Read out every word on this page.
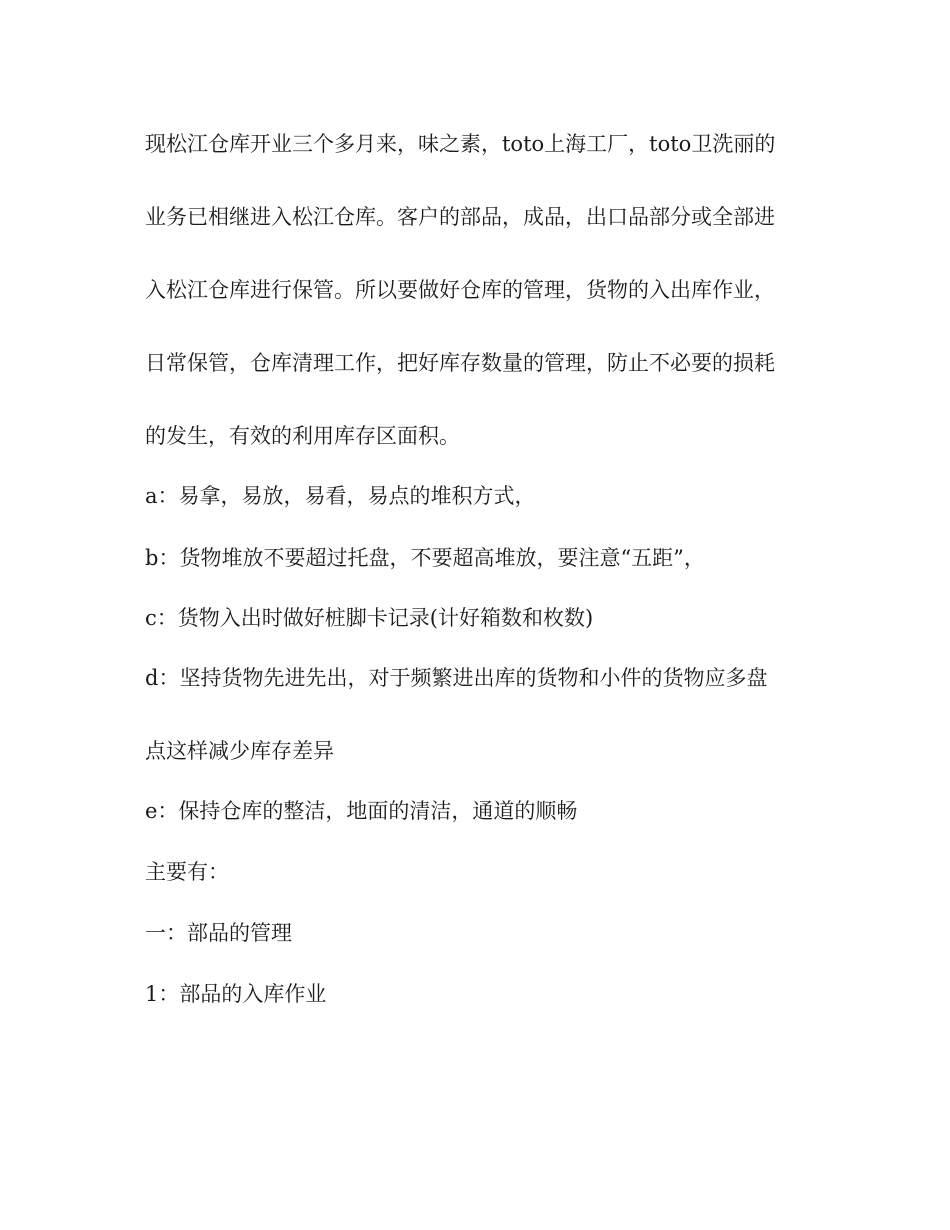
现松江仓库开业三个多月来，味之素，toto上海工厂，toto卫洗丽的
业务已相继进入松江仓库。客户的部品，成品，出口品部分或全部进
入松江仓库进行保管。所以要做好仓库的管理，货物的入出库作业，
日常保管，仓库清理工作，把好库存数量的管理，防止不必要的损耗
的发生，有效的利用库存区面积。
a：易拿，易放，易看，易点的堆积方式，
b：货物堆放不要超过托盘，不要超高堆放，要注意“五距”，
c：货物入出时做好桩脚卡记录(计好箱数和枚数)
d：坚持货物先进先出，对于频繁进出库的货物和小件的货物应多盘
点这样减少库存差异
e：保持仓库的整洁，地面的清洁，通道的顺畅
主要有：
一：部品的管理
1：部品的入库作业
